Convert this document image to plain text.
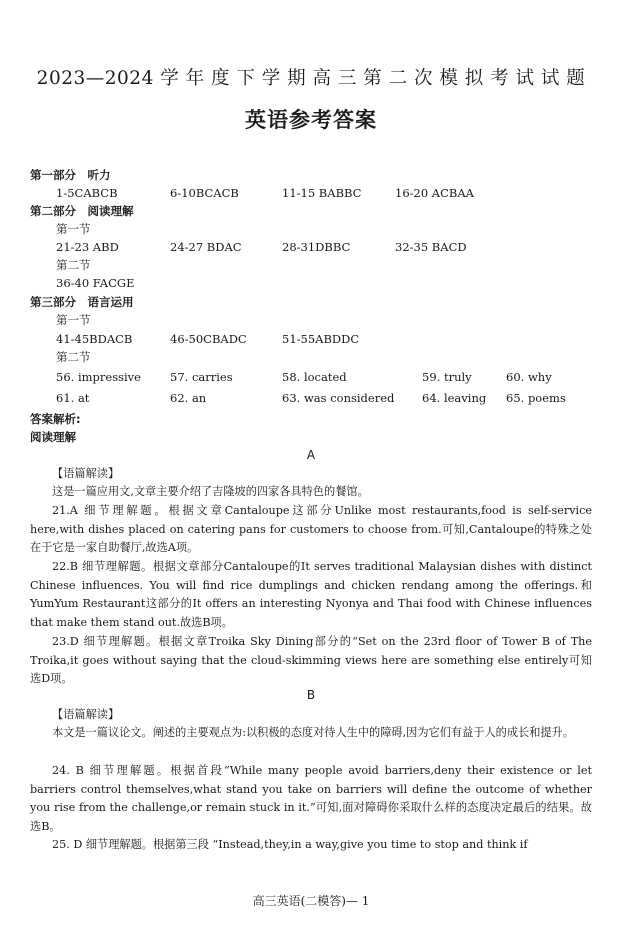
2023—2024 学 年 度 下 学 期 高 三 第 二 次 模 拟 考 试 试 题
英语参考答案
第一部分　听力
1-5CABCB	6-10BCACB	11-15 BABBC	16-20 ACBAA
第二部分　阅读理解
第一节
21-23 ABD	24-27 BDAC	28-31DBBC	32-35 BACD
第二节
36-40 FACGE
第三部分　语言运用
第一节
41-45BDACB	46-50CBADC	51-55ABDDC
第二节
56. impressive	57. carries	58. located	59. truly	60. why
61. at	62. an	63. was considered 64. leaving 65. poems
答案解析:
阅读理解
A

【语篇解读】

这是一篇应用文,文章主要介绍了吉隆坡的四家各具特色的餐馆。

21.A 细节理解题。根据文章Cantaloupe这部分Unlike most restaurants,food is self-service here,with dishes placed on catering pans for customers to choose from.可知,Cantaloupe的特殊之处在于它是一家自助餐厅,故选A项。

22.B 细节理解题。根据文章部分Cantaloupe的It serves traditional Malaysian dishes with distinct Chinese influences. You will find rice dumplings and chicken rendang among the offerings.和YumYum Restaurant这部分的It offers an interesting Nyonya and Thai food with Chinese influences that make them stand out.故选B项。

23.D 细节理解题。根据文章Troika Sky Dining部分的“Set on the 23rd floor of Tower B of The Troika,it goes without saying that the cloud-skimming views here are something else entirely可知选D项。

B

【语篇解读】

本文是一篇议论文。阐述的主要观点为:以积极的态度对待人生中的障碍,因为它们有益于人的成长和提升。

24. B 细节理解题。根据首段“While many people avoid barriers,deny their existence or let barriers control themselves,what stand you take on barriers will define the outcome of whether you rise from the challenge,or remain stuck in it.”可知,面对障碍你采取什么样的态度决定最后的结果。故选B。

25. D 细节理解题。根据第三段 “Instead,they,in a way,give you time to stop and think if

高三英语(二模答)— 1
